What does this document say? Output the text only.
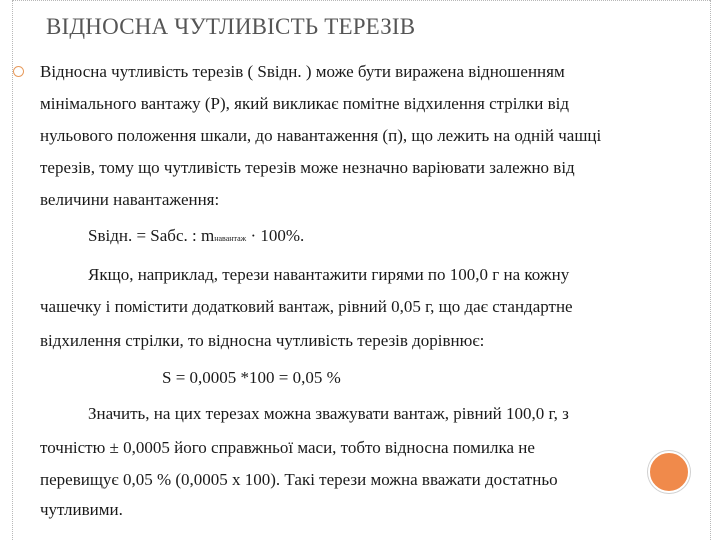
ВІДНОСНА ЧУТЛИВІСТЬ ТЕРЕЗІВ
Відносна чутливість терезів ( Sвідн. ) може бути виражена відношенням
мінімального вантажу (Р), який викликає помітне відхилення стрілки від
нульового положення шкали, до навантаження (п), що лежить на одній чашці
терезів, тому що чутливість терезів може незначно варіювати залежно від
величини навантаження:
Sвідн. = Sабс. : mнавантаж · 100%.
Якщо, наприклад, терези навантажити гирями по 100,0 г на кожну
чашечку і помістити додатковий вантаж, рівний 0,05 г, що дає стандартне
відхилення стрілки, то відносна чутливість терезів дорівнює:
S = 0,0005 *100 = 0,05 %
Значить, на цих терезах можна зважувати вантаж, рівний 100,0 г, з
точністю ± 0,0005 його справжньої маси, тобто відносна помилка не
перевищує 0,05 % (0,0005 х 100). Такі терези можна вважати достатньо
чутливими.
